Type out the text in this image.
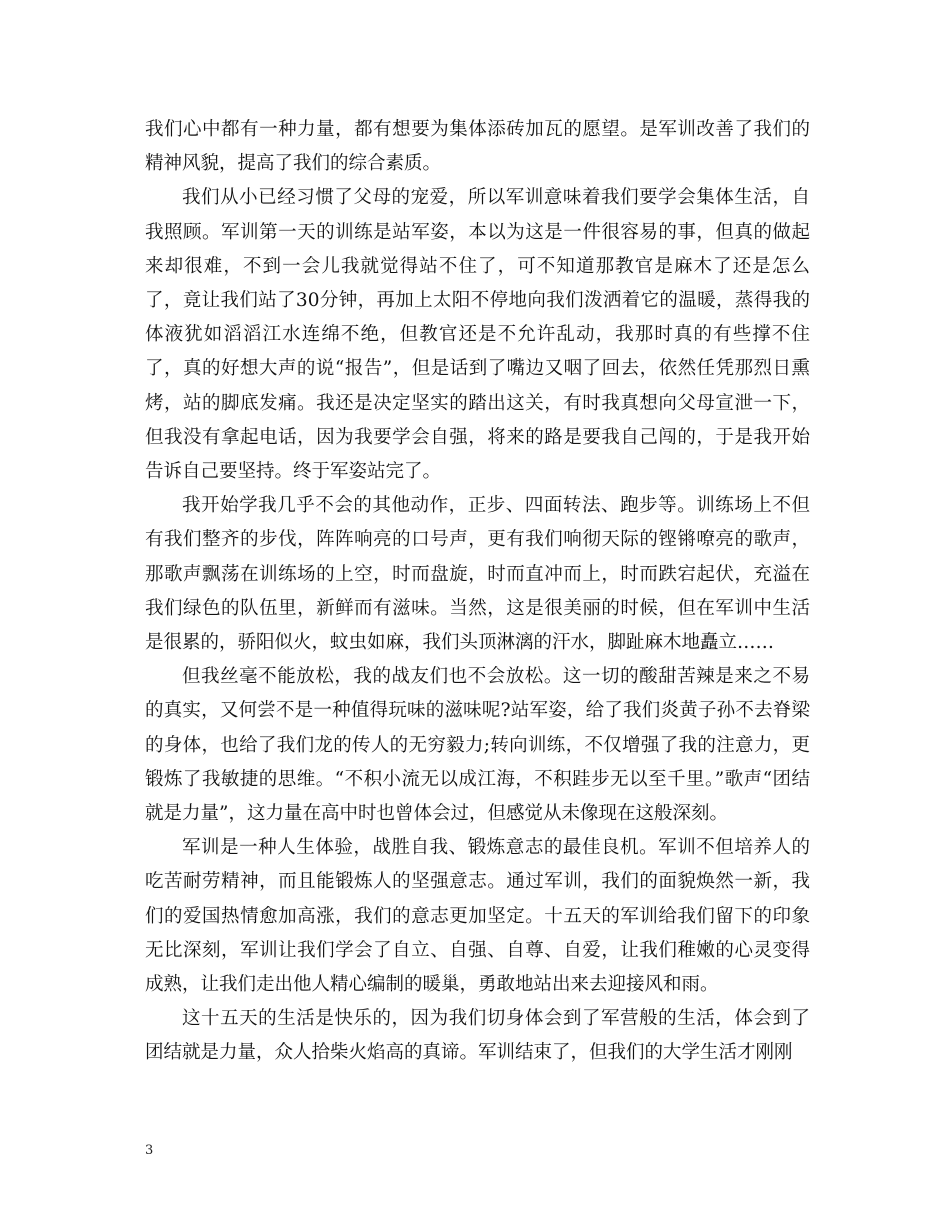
我们心中都有一种力量，都有想要为集体添砖加瓦的愿望。是军训改善了我们的精神风貌，提高了我们的综合素质。

我们从小已经习惯了父母的宠爱，所以军训意味着我们要学会集体生活，自我照顾。军训第一天的训练是站军姿，本以为这是一件很容易的事，但真的做起来却很难，不到一会儿我就觉得站不住了，可不知道那教官是麻木了还是怎么了，竟让我们站了30分钟，再加上太阳不停地向我们泼洒着它的温暖，蒸得我的体液犹如滔滔江水连绵不绝，但教官还是不允许乱动，我那时真的有些撑不住了，真的好想大声的说“报告”，但是话到了嘴边又咽了回去，依然任凭那烈日熏烤，站的脚底发痛。我还是决定坚实的踏出这关，有时我真想向父母宣泄一下，但我没有拿起电话，因为我要学会自强，将来的路是要我自己闯的，于是我开始告诉自己要坚持。终于军姿站完了。

我开始学我几乎不会的其他动作，正步、四面转法、跑步等。训练场上不但有我们整齐的步伐，阵阵响亮的口号声，更有我们响彻天际的铿锵嘹亮的歌声，那歌声飘荡在训练场的上空，时而盘旋，时而直冲而上，时而跌宕起伏，充溢在我们绿色的队伍里，新鲜而有滋味。当然，这是很美丽的时候，但在军训中生活是很累的，骄阳似火，蚊虫如麻，我们头顶淋漓的汗水，脚趾麻木地矗立……

但我丝毫不能放松，我的战友们也不会放松。这一切的酸甜苦辣是来之不易的真实，又何尝不是一种值得玩味的滋味呢?站军姿，给了我们炎黄子孙不去脊梁的身体，也给了我们龙的传人的无穷毅力;转向训练，不仅增强了我的注意力，更锻炼了我敏捷的思维。“不积小流无以成江海，不积跬步无以至千里。”歌声“团结就是力量”，这力量在高中时也曾体会过，但感觉从未像现在这般深刻。

军训是一种人生体验，战胜自我、锻炼意志的最佳良机。军训不但培养人的吃苦耐劳精神，而且能锻炼人的坚强意志。通过军训，我们的面貌焕然一新，我们的爱国热情愈加高涨，我们的意志更加坚定。十五天的军训给我们留下的印象无比深刻，军训让我们学会了自立、自强、自尊、自爱，让我们稚嫩的心灵变得成熟，让我们走出他人精心编制的暖巢，勇敢地站出来去迎接风和雨。

这十五天的生活是快乐的，因为我们切身体会到了军营般的生活，体会到了团结就是力量，众人拾柴火焰高的真谛。军训结束了，但我们的大学生活才刚刚

3
